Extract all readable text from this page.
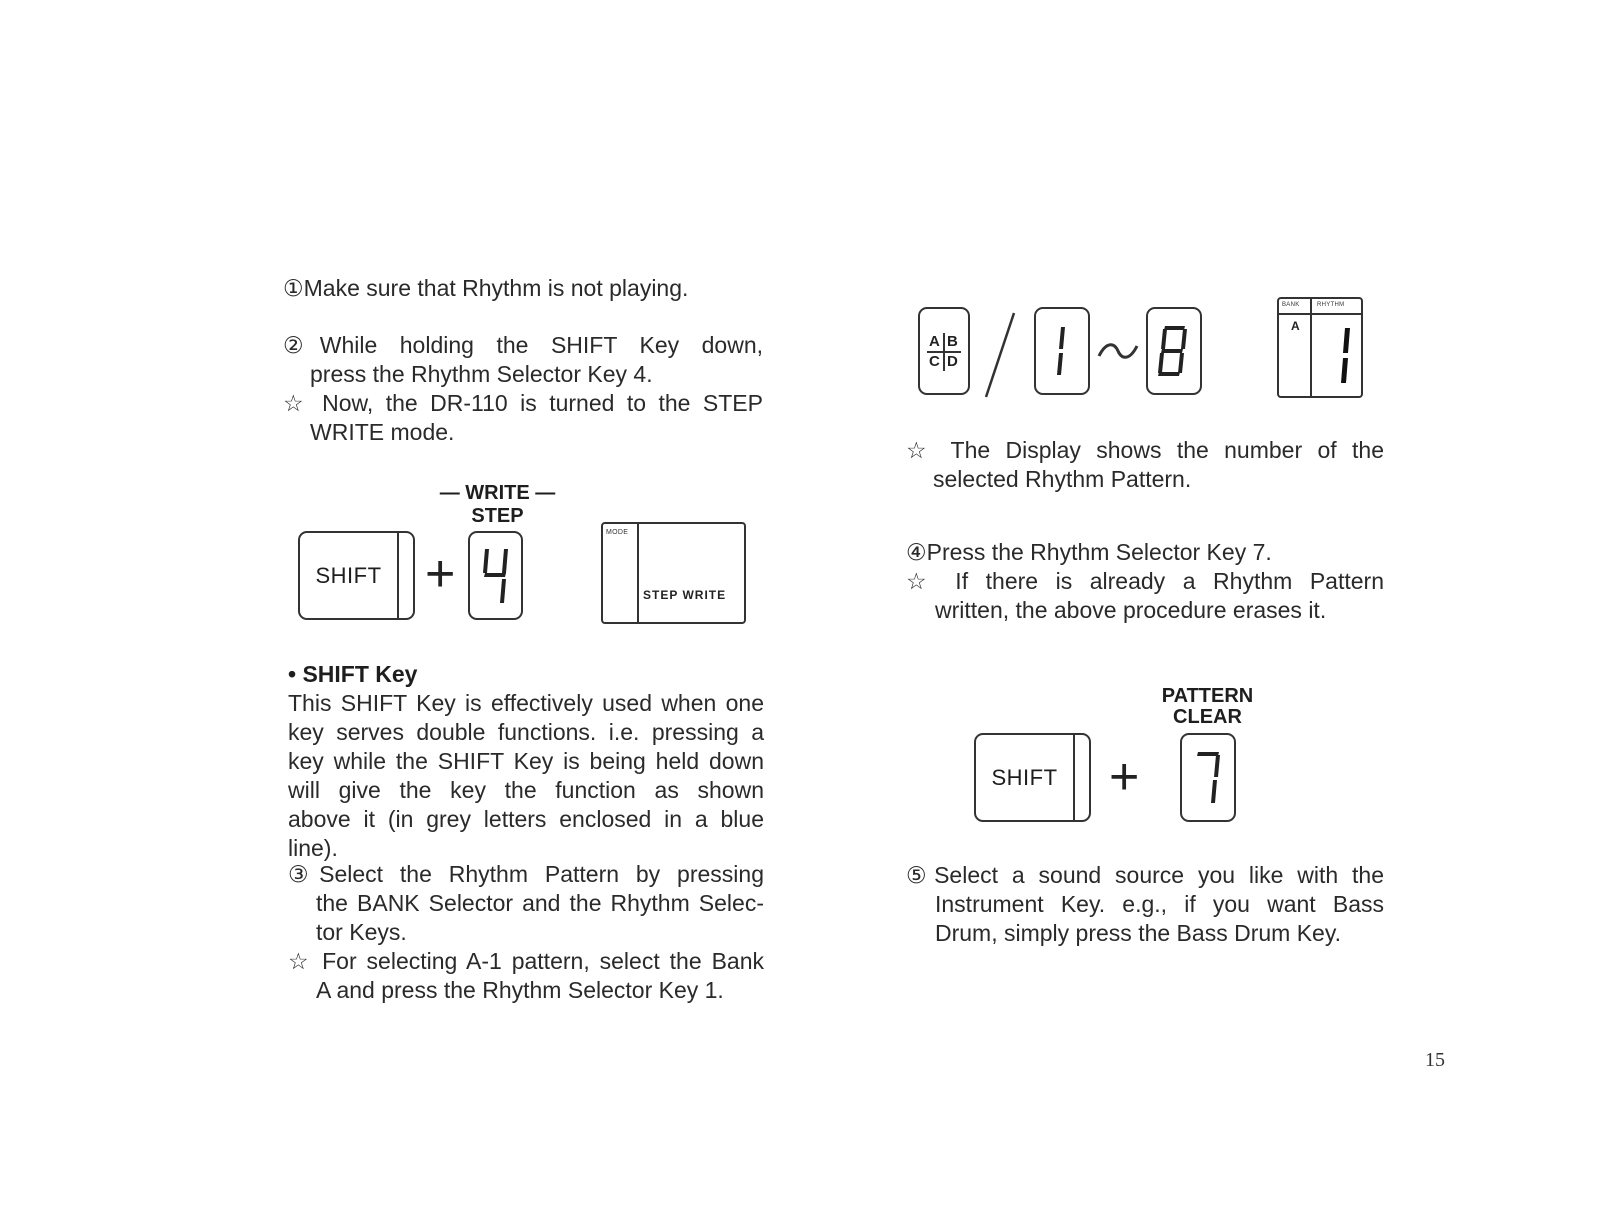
①Make sure that Rhythm is not playing.
②While holding the SHIFT Key down,
press the Rhythm Selector Key 4.
☆ Now, the DR-110 is turned to the STEP
WRITE mode.
— WRITE —
STEP
SHIFT +
MODE
STEP WRITE
• SHIFT Key
This SHIFT Key is effectively used when one
key serves double functions. i.e. pressing a
key while the SHIFT Key is being held down
will give the key the function as shown
above it (in grey letters enclosed in a blue
line).
③Select the Rhythm Pattern by pressing
the BANK Selector and the Rhythm Selec-
tor Keys.
☆ For selecting A-1 pattern, select the Bank
A and press the Rhythm Selector Key 1.
A B
C D
BANK	RHYTHM
A
☆ The Display shows the number of the
selected Rhythm Pattern.
④Press the Rhythm Selector Key 7.
☆ If there is already a Rhythm Pattern
written, the above procedure erases it.
PATTERN
CLEAR
SHIFT +
⑤Select a sound source you like with the
Instrument Key. e.g., if you want Bass
Drum, simply press the Bass Drum Key.
15
